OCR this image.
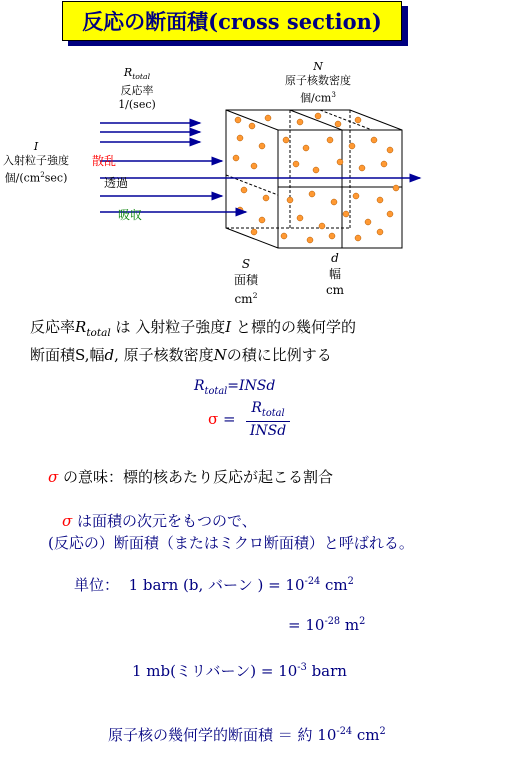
反応の断面積(cross section)
$R_{total}$
反応率
1/(sec)
N
原子核数密度
個$/cm^3$
I
入射粒子強度
個$/(cm^2\sec)$
散乱
透過
吸収
S
面積
$cm^2$
d
幅
cm
反応率$R_{total}$ は 入射粒子強度I と標的の幾何学的
断面積S,幅d, 原子核数密度Nの積に比例する
$R_{total}=INSd$
σ =
$R_{total}$
INSd
σ の意味：標的核あたり反応が起こる割合
σ は面積の次元をもつので、
(反応の）断面積（またはミクロ断面積）と呼ばれる。
単位： 1 barn (b, バーン ) = $10^{-24}$ $cm^2$
= $10^{-28}$ $m^2$
1 mb(ミリバーン) = $10^{-3}$ barn
原子核の幾何学的断面積 ＝ 約 $10^{-24}$ $cm^2$
